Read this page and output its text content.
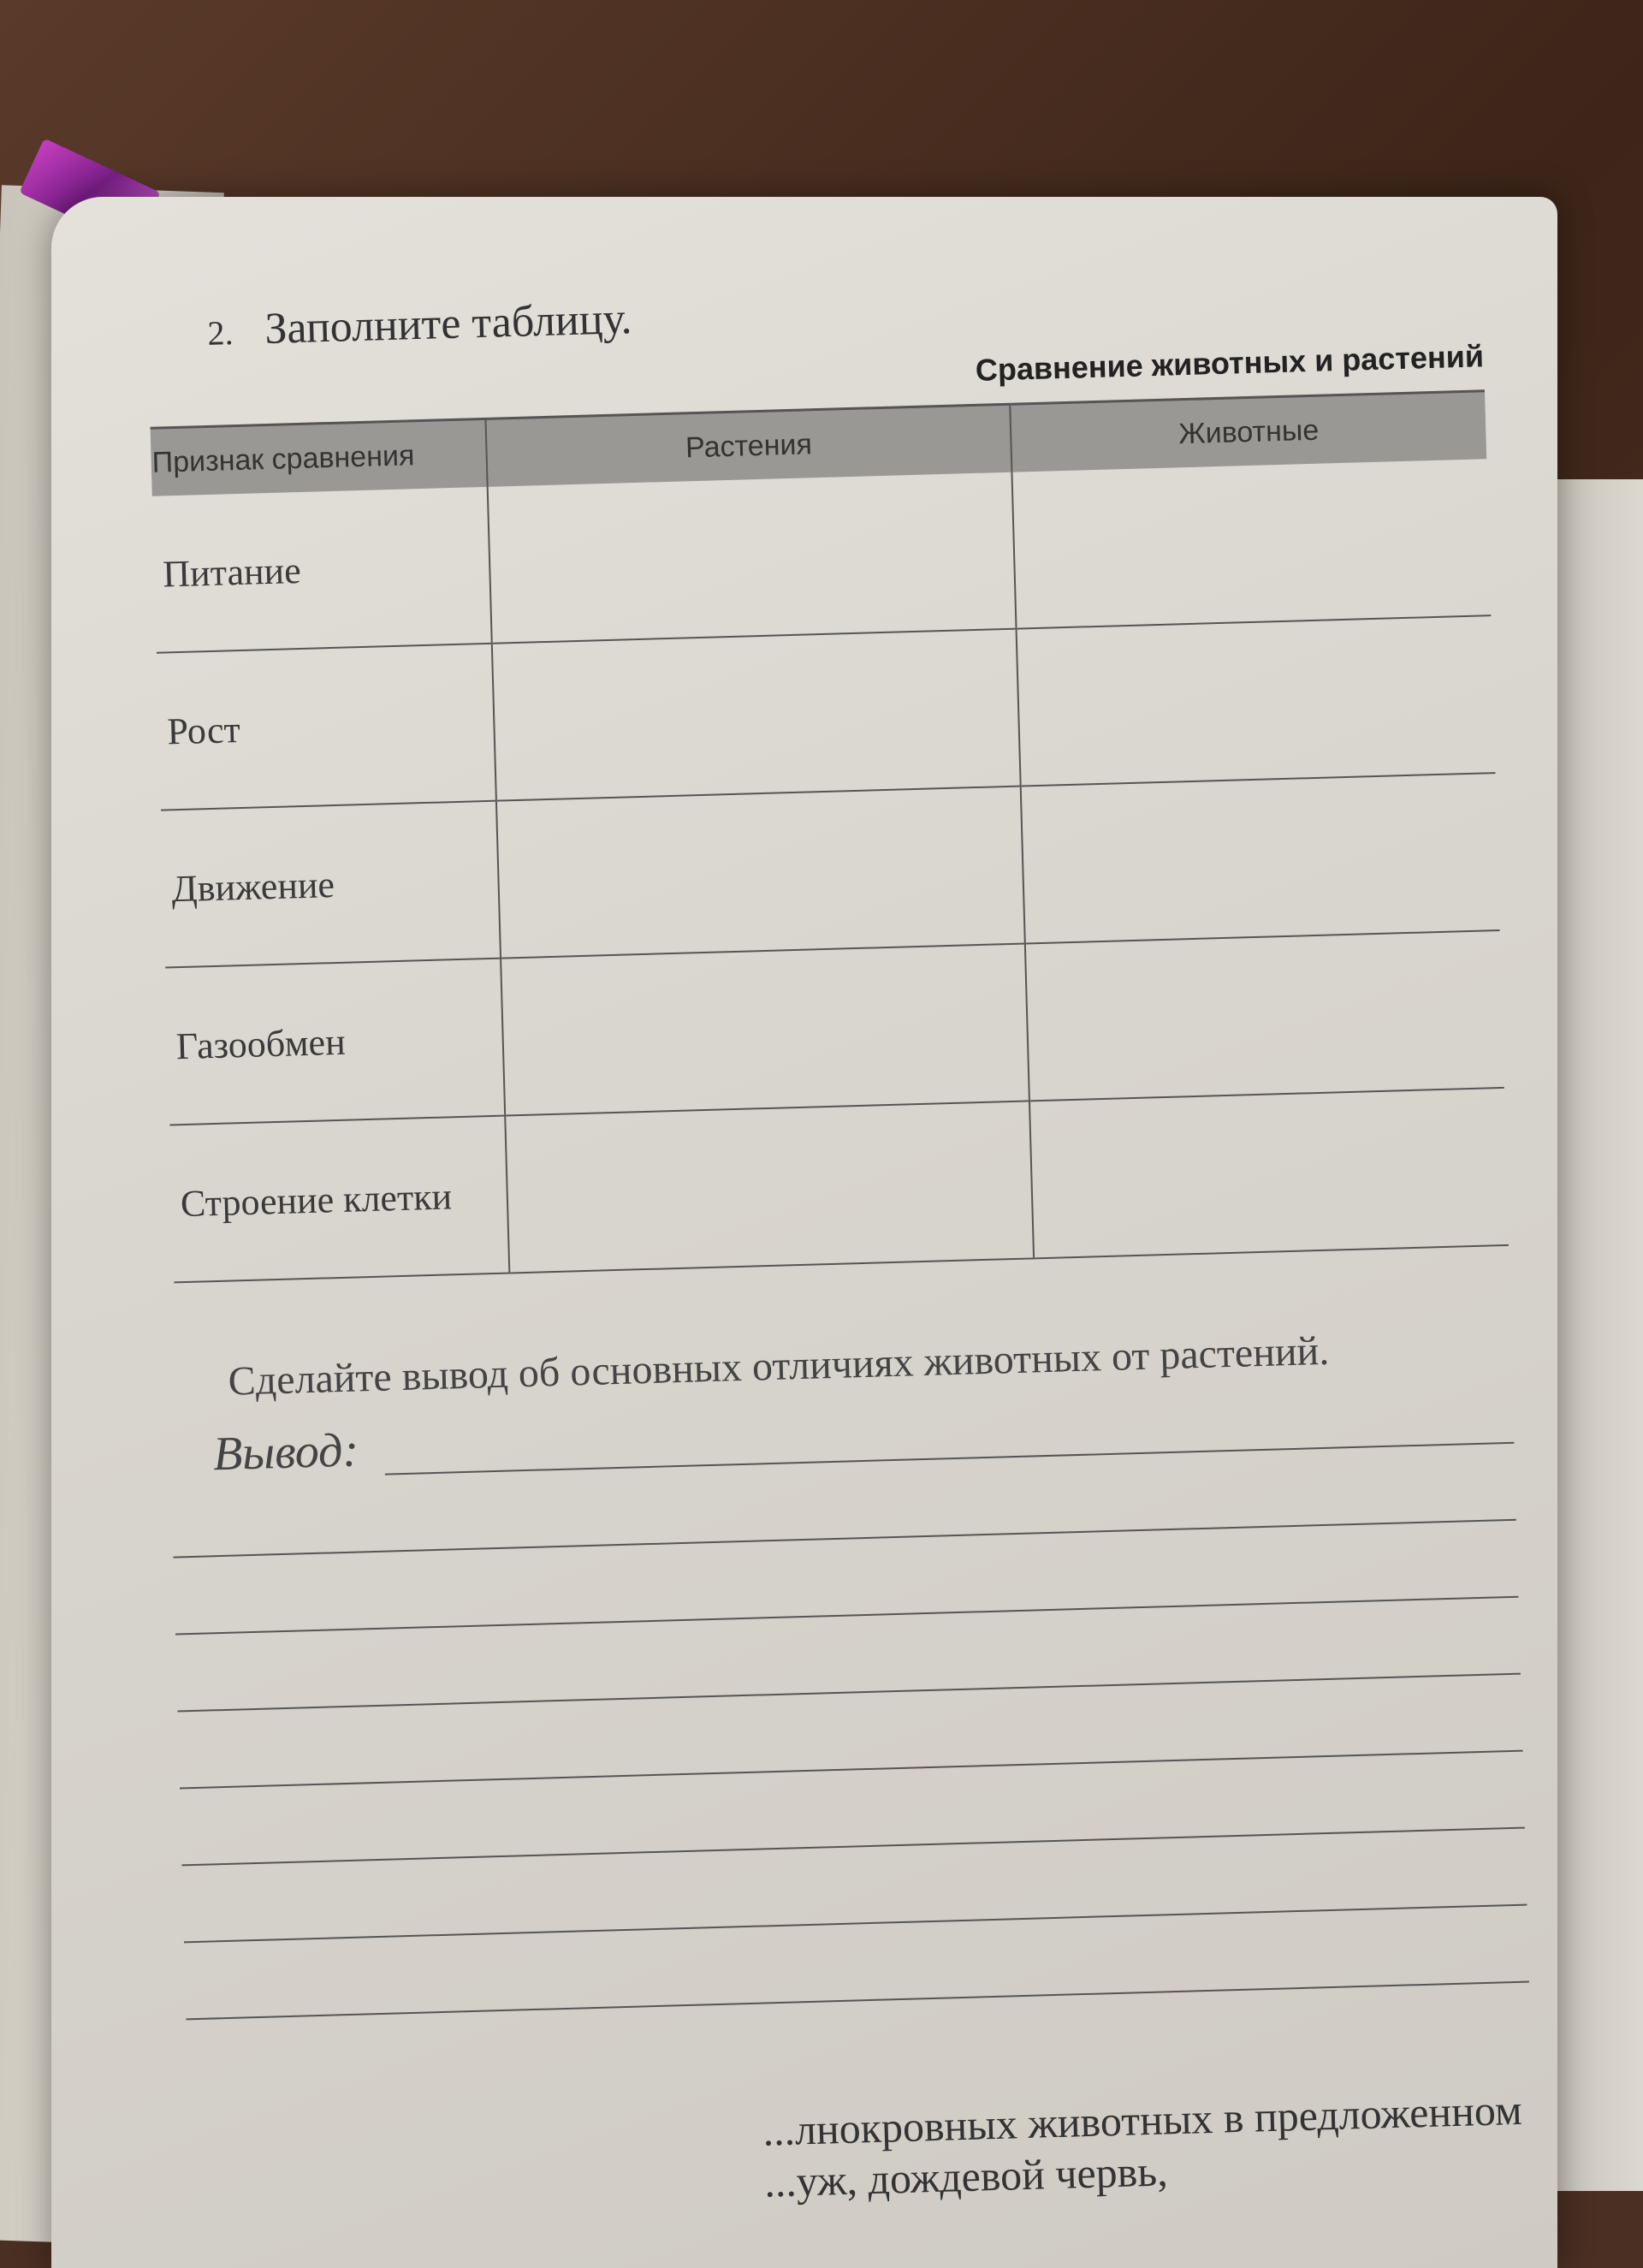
2. Заполните таблицу.
Сравнение животных и растений
Признак сравнения	Растения	Животные
Питание		
Рост		
Движение		
Газообмен		
Строение клетки		
Сделайте вывод об основных отличиях животных от растений.
Вывод:
...лнокровных животных в предложенном
...уж, дождевой червь,
